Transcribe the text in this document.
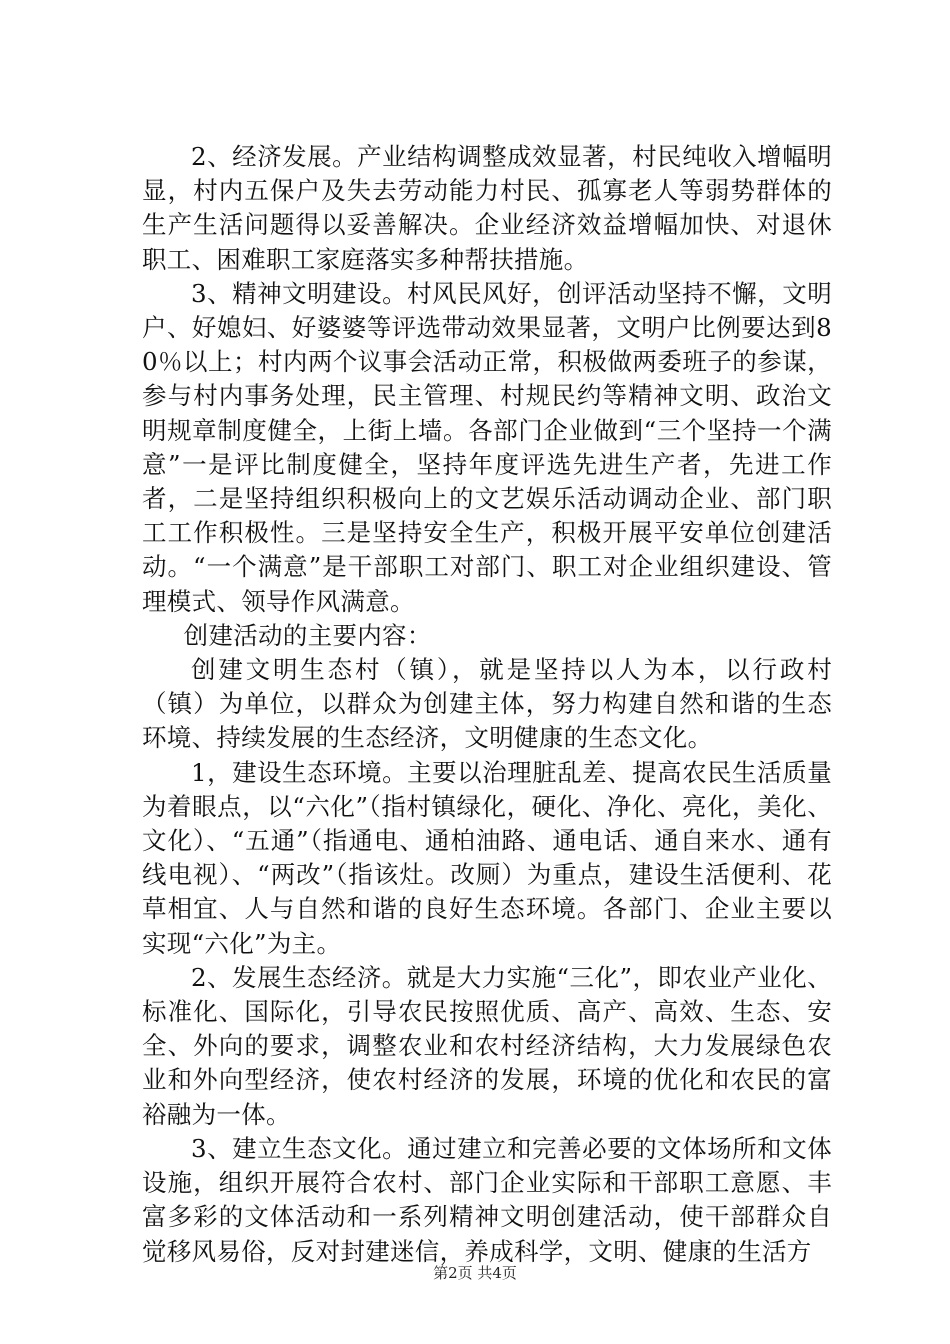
2、经济发展。产业结构调整成效显著，村民纯收入增幅明显，村内五保户及失去劳动能力村民、孤寡老人等弱势群体的生产生活问题得以妥善解决。企业经济效益增幅加快、对退休职工、困难职工家庭落实多种帮扶措施。

3、精神文明建设。村风民风好，创评活动坚持不懈，文明户、好媳妇、好婆婆等评选带动效果显著，文明户比例要达到80％以上；村内两个议事会活动正常，积极做两委班子的参谋，参与村内事务处理，民主管理、村规民约等精神文明、政治文明规章制度健全，上街上墙。各部门企业做到“三个坚持一个满意”一是评比制度健全，坚持年度评选先进生产者，先进工作者，二是坚持组织积极向上的文艺娱乐活动调动企业、部门职工工作积极性。三是坚持安全生产，积极开展平安单位创建活动。“一个满意”是干部职工对部门、职工对企业组织建设、管理模式、领导作风满意。

创建活动的主要内容：

创建文明生态村（镇），就是坚持以人为本，以行政村（镇）为单位，以群众为创建主体，努力构建自然和谐的生态环境、持续发展的生态经济，文明健康的生态文化。

1，建设生态环境。主要以治理脏乱差、提高农民生活质量为着眼点，以“六化”（指村镇绿化，硬化、净化、亮化，美化、文化）、“五通”（指通电、通柏油路、通电话、通自来水、通有线电视）、“两改”（指该灶。改厕）为重点，建设生活便利、花草相宜、人与自然和谐的良好生态环境。各部门、企业主要以实现“六化”为主。

2、发展生态经济。就是大力实施“三化”，即农业产业化、标准化、国际化，引导农民按照优质、高产、高效、生态、安全、外向的要求，调整农业和农村经济结构，大力发展绿色农业和外向型经济，使农村经济的发展，环境的优化和农民的富裕融为一体。

3、建立生态文化。通过建立和完善必要的文体场所和文体设施，组织开展符合农村、部门企业实际和干部职工意愿、丰富多彩的文体活动和一系列精神文明创建活动，使干部群众自觉移风易俗，反对封建迷信，养成科学，文明、健康的生活方

第2页 共4页
